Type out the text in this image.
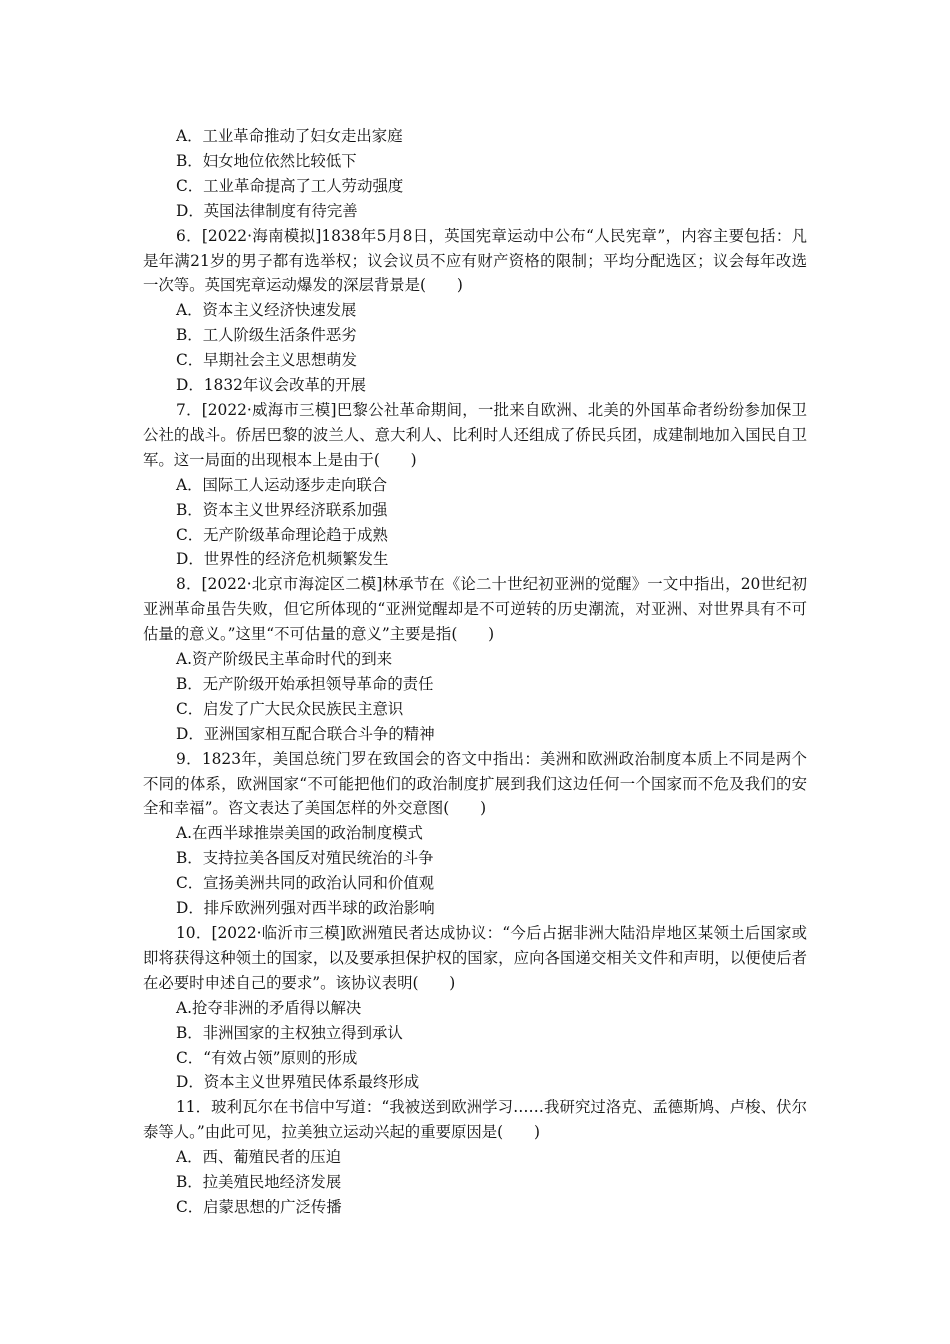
A．工业革命推动了妇女走出家庭

B．妇女地位依然比较低下

C．工业革命提高了工人劳动强度

D．英国法律制度有待完善

6．[2022·海南模拟]1838年5月8日，英国宪章运动中公布“人民宪章”，内容主要包括：凡是年满21岁的男子都有选举权；议会议员不应有财产资格的限制；平均分配选区；议会每年改选一次等。英国宪章运动爆发的深层背景是(　　)

A．资本主义经济快速发展

B．工人阶级生活条件恶劣

C．早期社会主义思想萌发

D．1832年议会改革的开展

7．[2022·威海市三模]巴黎公社革命期间，一批来自欧洲、北美的外国革命者纷纷参加保卫公社的战斗。侨居巴黎的波兰人、意大利人、比利时人还组成了侨民兵团，成建制地加入国民自卫军。这一局面的出现根本上是由于(　　)

A．国际工人运动逐步走向联合

B．资本主义世界经济联系加强

C．无产阶级革命理论趋于成熟

D．世界性的经济危机频繁发生

8．[2022·北京市海淀区二模]林承节在《论二十世纪初亚洲的觉醒》一文中指出，20世纪初亚洲革命虽告失败，但它所体现的“亚洲觉醒却是不可逆转的历史潮流，对亚洲、对世界具有不可估量的意义。”这里“不可估量的意义”主要是指(　　)

A.资产阶级民主革命时代的到来

B．无产阶级开始承担领导革命的责任

C．启发了广大民众民族民主意识

D．亚洲国家相互配合联合斗争的精神

9．1823年，美国总统门罗在致国会的咨文中指出：美洲和欧洲政治制度本质上不同是两个不同的体系，欧洲国家“不可能把他们的政治制度扩展到我们这边任何一个国家而不危及我们的安全和幸福”。咨文表达了美国怎样的外交意图(　　)

A.在西半球推崇美国的政治制度模式

B．支持拉美各国反对殖民统治的斗争

C．宣扬美洲共同的政治认同和价值观

D．排斥欧洲列强对西半球的政治影响

10．[2022·临沂市三模]欧洲殖民者达成协议：“今后占据非洲大陆沿岸地区某领土后国家或即将获得这种领土的国家，以及要承担保护权的国家，应向各国递交相关文件和声明，以便使后者在必要时申述自己的要求”。该协议表明(　　)

A.抢夺非洲的矛盾得以解决

B．非洲国家的主权独立得到承认

C．“有效占领”原则的形成

D．资本主义世界殖民体系最终形成

11．玻利瓦尔在书信中写道：“我被送到欧洲学习……我研究过洛克、孟德斯鸠、卢梭、伏尔泰等人。”由此可见，拉美独立运动兴起的重要原因是(　　)

A．西、葡殖民者的压迫

B．拉美殖民地经济发展

C．启蒙思想的广泛传播
